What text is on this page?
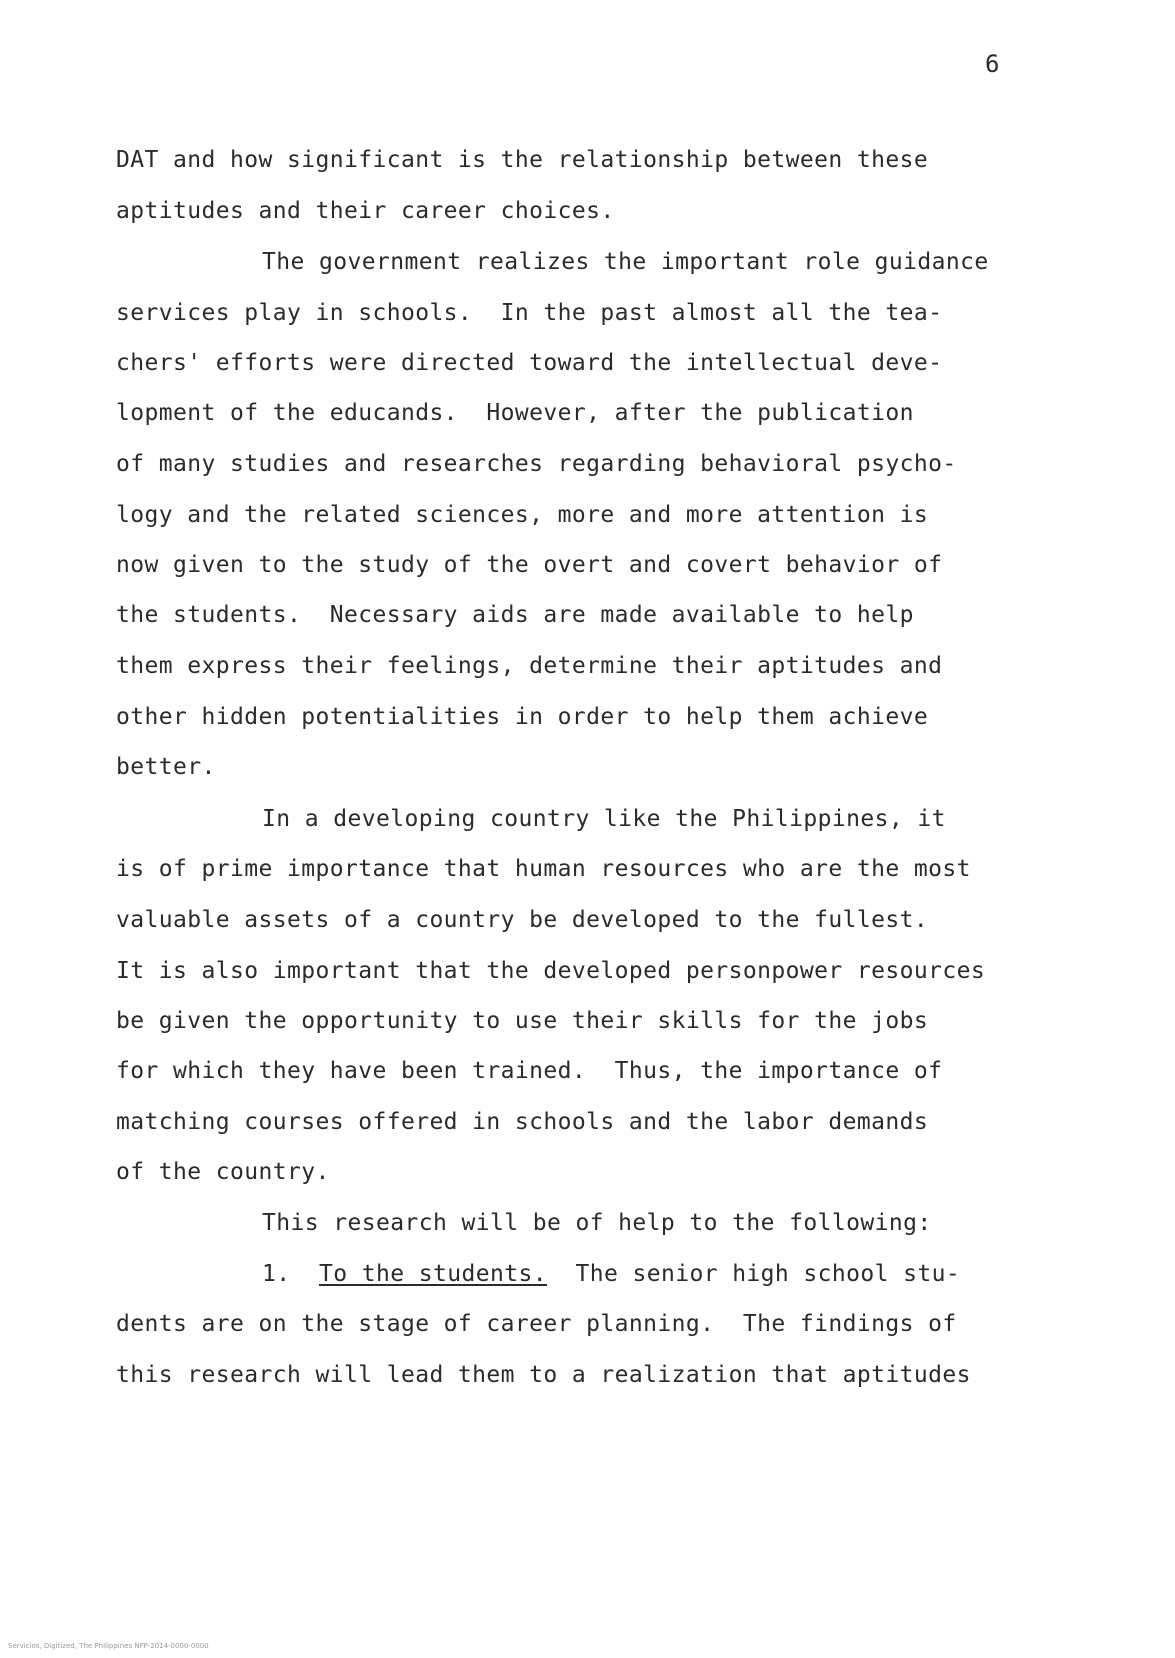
6
DAT and how significant is the relationship between these
aptitudes and their career choices.
The government realizes the important role guidance
services play in schools.  In the past almost all the tea-
chers' efforts were directed toward the intellectual deve-
lopment of the educands.  However, after the publication
of many studies and researches regarding behavioral psycho-
logy and the related sciences, more and more attention is
now given to the study of the overt and covert behavior of
the students.  Necessary aids are made available to help
them express their feelings, determine their aptitudes and
other hidden potentialities in order to help them achieve
better.
In a developing country like the Philippines, it
is of prime importance that human resources who are the most
valuable assets of a country be developed to the fullest.
It is also important that the developed personpower resources
be given the opportunity to use their skills for the jobs
for which they have been trained.  Thus, the importance of
matching courses offered in schools and the labor demands
of the country.
This research will be of help to the following:
1. To the students. The senior high school stu-
dents are on the stage of career planning.  The findings of
this research will lead them to a realization that aptitudes
Servicios, Digitized, The Philippines NFP-2014-0000-0000
